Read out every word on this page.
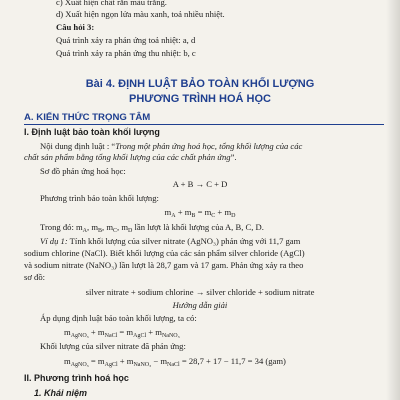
c) Xuất hiện chất rắn màu trắng.
d) Xuất hiện ngọn lửa màu xanh, toả nhiều nhiệt.
Câu hỏi 3:
Quá trình xảy ra phản ứng toả nhiệt: a, d
Quá trình xảy ra phản ứng thu nhiệt: b, c
Bài 4. ĐỊNH LUẬT BẢO TOÀN KHỐI LƯỢNG
PHƯƠNG TRÌNH HOÁ HỌC
A. KIẾN THỨC TRỌNG TÂM
I. Định luật bảo toàn khối lượng
Nội dung định luật : “Trong một phản ứng hoá học, tổng khối lượng của các
chất sản phẩm bằng tổng khối lượng của các chất phản ứng”.
Sơ đồ phản ứng hoá học:
A + B → C + D
Phương trình bảo toàn khối lượng:
$m_A + m_B = m_C + m_D$
Trong đó: $m_A$, $m_B$, $m_C$, $m_D$ lần lượt là khối lượng của A, B, C, D.
Ví dụ 1: Tính khối lượng của silver nitrate (AgNO₃) phản ứng với 11,7 gam
sodium chlorine (NaCl). Biết khối lượng của các sản phẩm silver chloride (AgCl)
và sodium nitrate (NaNO₃) lần lượt là 28,7 gam và 17 gam. Phản ứng xảy ra theo
sơ đồ:
silver nitrate + sodium chlorine → silver chloride + sodium nitrate
Hướng dẫn giải
Áp dụng định luật bảo toàn khối lượng, ta có:
$m_{AgNO_3} + m_{NaCl} = m_{AgCl} + m_{NaNO_3}$
Khối lượng của silver nitrate đã phản ứng:
$m_{AgNO_3} = m_{AgCl} + m_{NaNO_3} - m_{NaCl} = 28,7 + 17 - 11,7 = 34$ (gam)
II. Phương trình hoá học
1. Khái niệm
